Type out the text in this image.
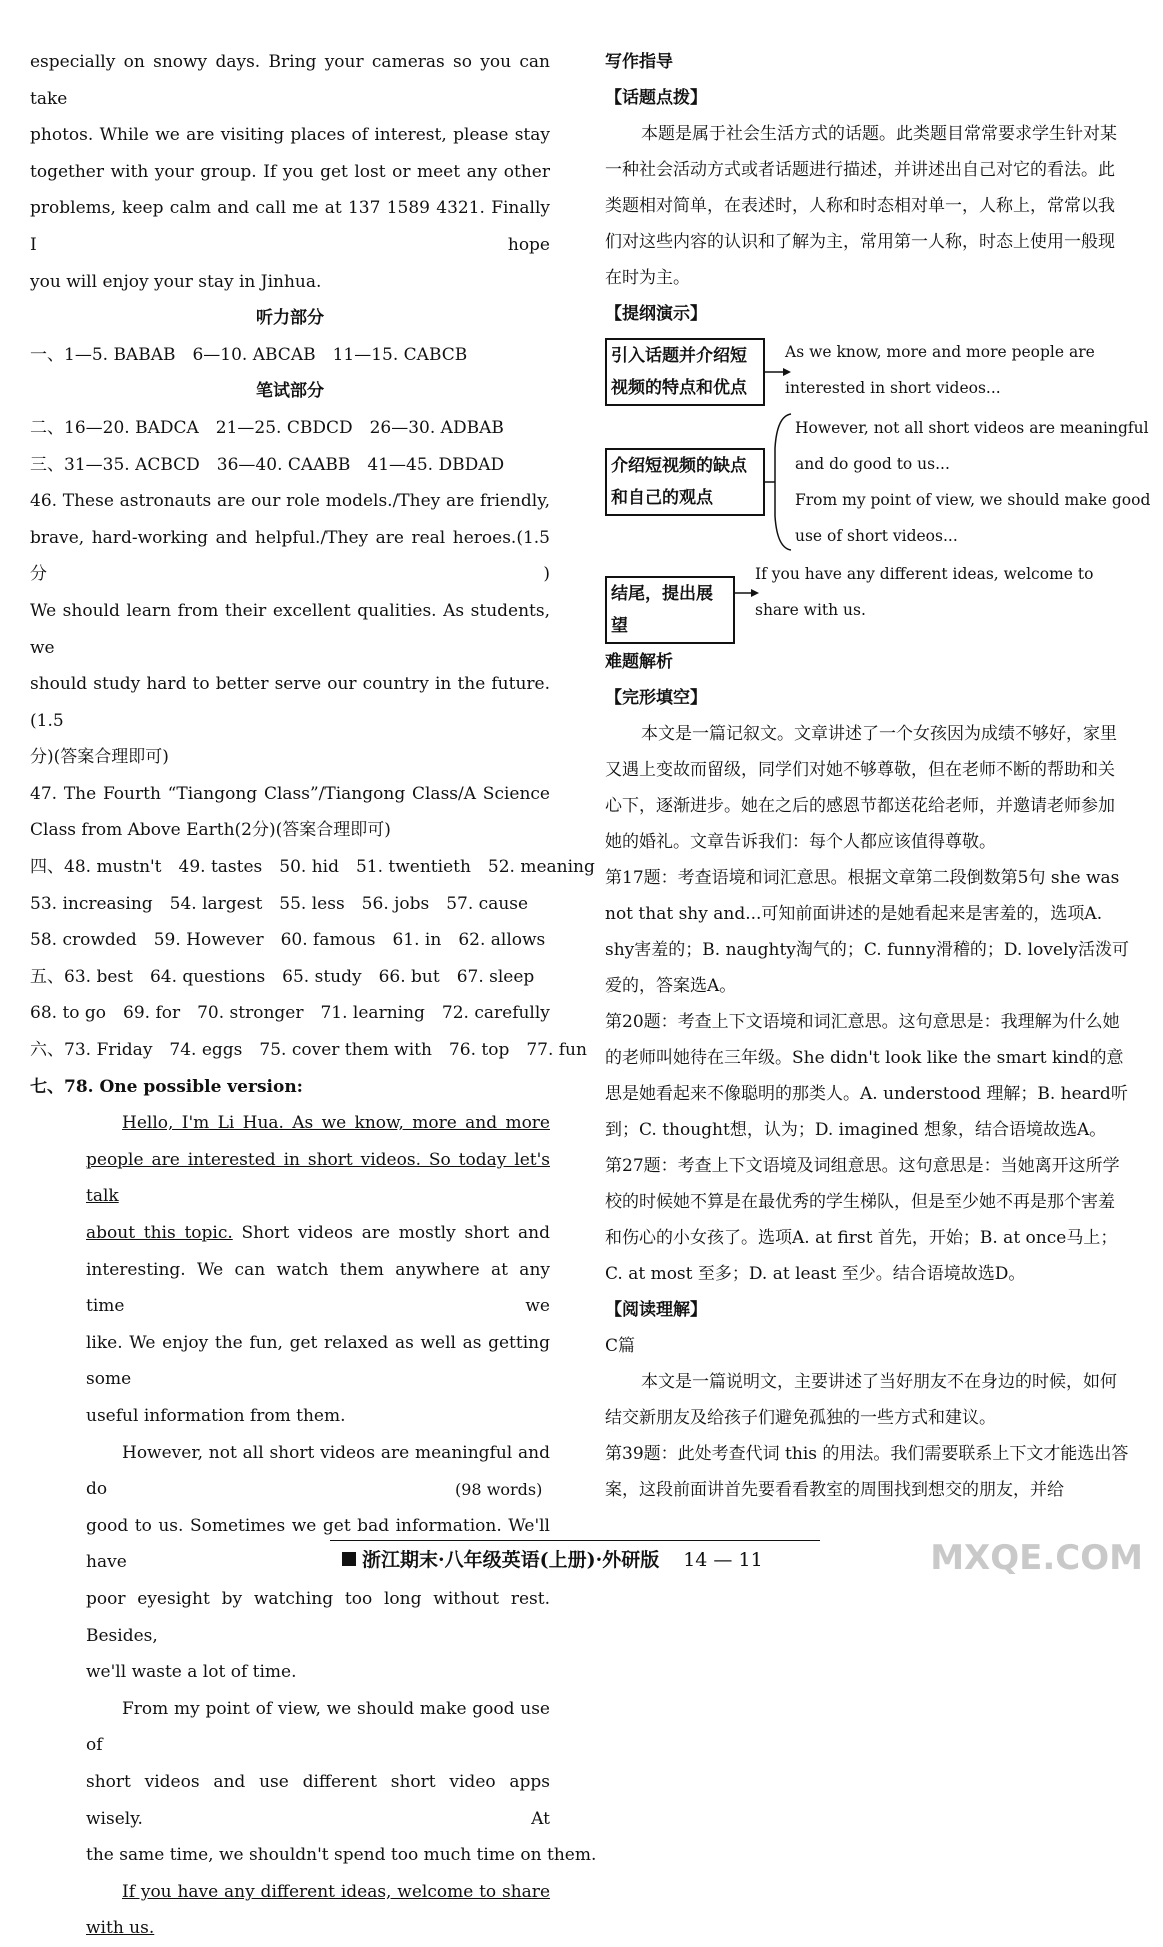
especially on snowy days. Bring your cameras so you can take

photos. While we are visiting places of interest, please stay

together with your group. If you get lost or meet any other

problems, keep calm and call me at 137 1589 4321. Finally I hope

you will enjoy your stay in Jinhua.

听力部分

一、1—5. BABAB　6—10. ABCAB　11—15. CABCB

笔试部分

二、16—20. BADCA　21—25. CBDCD　26—30. ADBAB

三、31—35. ACBCD　36—40. CAABB　41—45. DBDAD

46. These astronauts are our role models./They are friendly,

brave, hard-working and helpful./They are real heroes.(1.5分)

We should learn from their excellent qualities. As students, we

should study hard to better serve our country in the future.(1.5

分)(答案合理即可)

47. The Fourth “Tiangong Class”/Tiangong Class/A Science

Class from Above Earth(2分)(答案合理即可)

四、48. mustn't　49. tastes　50. hid　51. twentieth　52. meaning

53. increasing　54. largest　55. less　56. jobs　57. cause

58. crowded　59. However　60. famous　61. in　62. allows

五、63. best　64. questions　65. study　66. but　67. sleep

68. to go　69. for　70. stronger　71. learning　72. carefully

六、73. Friday　74. eggs　75. cover them with　76. top　77. fun

七、78. One possible version:

Hello, I'm Li Hua. As we know, more and more

people are interested in short videos. So today let's talk

about this topic. Short videos are mostly short and

interesting. We can watch them anywhere at any time we

like. We enjoy the fun, get relaxed as well as getting some

useful information from them.

However, not all short videos are meaningful and do

good to us. Sometimes we get bad information. We'll have

poor eyesight by watching too long without rest. Besides,

we'll waste a lot of time.

From my point of view, we should make good use of

short videos and use different short video apps wisely. At

the same time, we shouldn't spend too much time on them.

If you have any different ideas, welcome to share

with us.

(98 words)

写作指导

【话题点拨】

本题是属于社会生活方式的话题。此类题目常常要求学生针对某一种社会活动方式或者话题进行描述，并讲述出自己对它的看法。此类题相对简单，在表述时，人称和时态相对单一，人称上，常常以我们对这些内容的认识和了解为主，常用第一人称，时态上使用一般现在时为主。

【提纲演示】

引入话题并介绍短
视频的特点和优点
As we know, more and more people are
interested in short videos...
介绍短视频的缺点
和自己的观点
However, not all short videos are meaningful
and do good to us...
From my point of view, we should make good
use of short videos...
结尾，提出展望
If you have any different ideas, welcome to
share with us.

难题解析

【完形填空】

本文是一篇记叙文。文章讲述了一个女孩因为成绩不够好，家里又遇上变故而留级，同学们对她不够尊敬，但在老师不断的帮助和关心下，逐渐进步。她在之后的感恩节都送花给老师，并邀请老师参加她的婚礼。文章告诉我们：每个人都应该值得尊敬。

第17题：考查语境和词汇意思。根据文章第二段倒数第5句 she was not that shy and...可知前面讲述的是她看起来是害羞的，选项A. shy害羞的；B. naughty淘气的；C. funny滑稽的；D. lovely活泼可爱的，答案选A。

第20题：考查上下文语境和词汇意思。这句意思是：我理解为什么她的老师叫她待在三年级。She didn't look like the smart kind的意思是她看起来不像聪明的那类人。A. understood 理解；B. heard听到；C. thought想，认为；D. imagined 想象，结合语境故选A。

第27题：考查上下文语境及词组意思。这句意思是：当她离开这所学校的时候她不算是在最优秀的学生梯队，但是至少她不再是那个害羞和伤心的小女孩了。选项A. at first 首先，开始；B. at once马上；C. at most 至多；D. at least 至少。结合语境故选D。

【阅读理解】

C篇

本文是一篇说明文，主要讲述了当好朋友不在身边的时候，如何结交新朋友及给孩子们避免孤独的一些方式和建议。

第39题：此处考查代词 this 的用法。我们需要联系上下文才能选出答案，这段前面讲首先要看看教室的周围找到想交的朋友，并给

浙江期末·八年级英语(上册)·外研版 14 — 11	MXQE.COM
